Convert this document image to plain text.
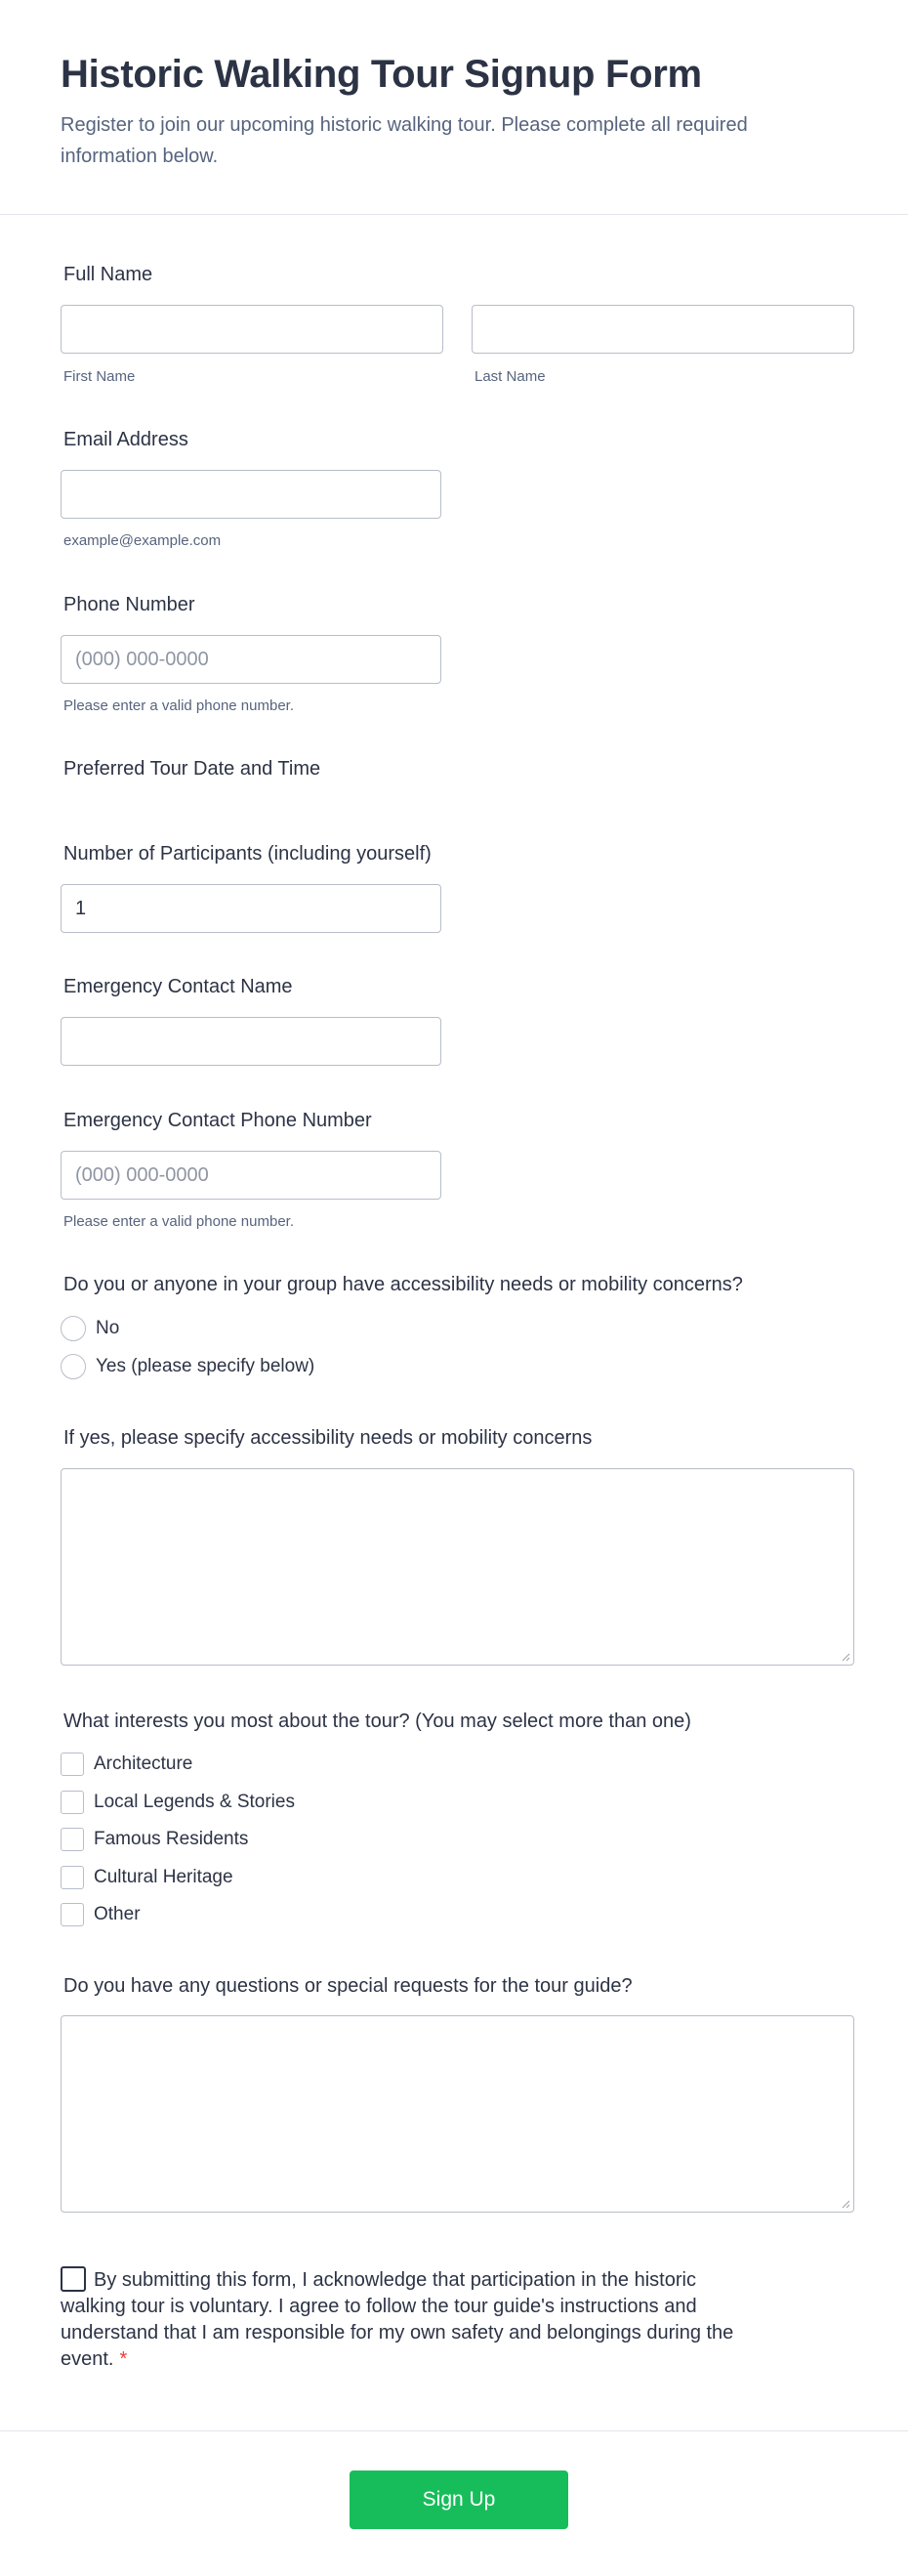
Historic Walking Tour Signup Form

Register to join our upcoming historic walking tour. Please complete all required information below.

Full Name
First Name	Last Name
Email Address
example@example.com
Phone Number
(000) 000-0000
Please enter a valid phone number.
Preferred Tour Date and Time
Number of Participants (including yourself)
1
Emergency Contact Name
Emergency Contact Phone Number
(000) 000-0000
Please enter a valid phone number.
Do you or anyone in your group have accessibility needs or mobility concerns?
No
Yes (please specify below)
If yes, please specify accessibility needs or mobility concerns
What interests you most about the tour? (You may select more than one)
Architecture
Local Legends & Stories
Famous Residents
Cultural Heritage
Other
Do you have any questions or special requests for the tour guide?
By submitting this form, I acknowledge that participation in the historic walking tour is voluntary. I agree to follow the tour guide's instructions and understand that I am responsible for my own safety and belongings during the event. *
Sign Up
